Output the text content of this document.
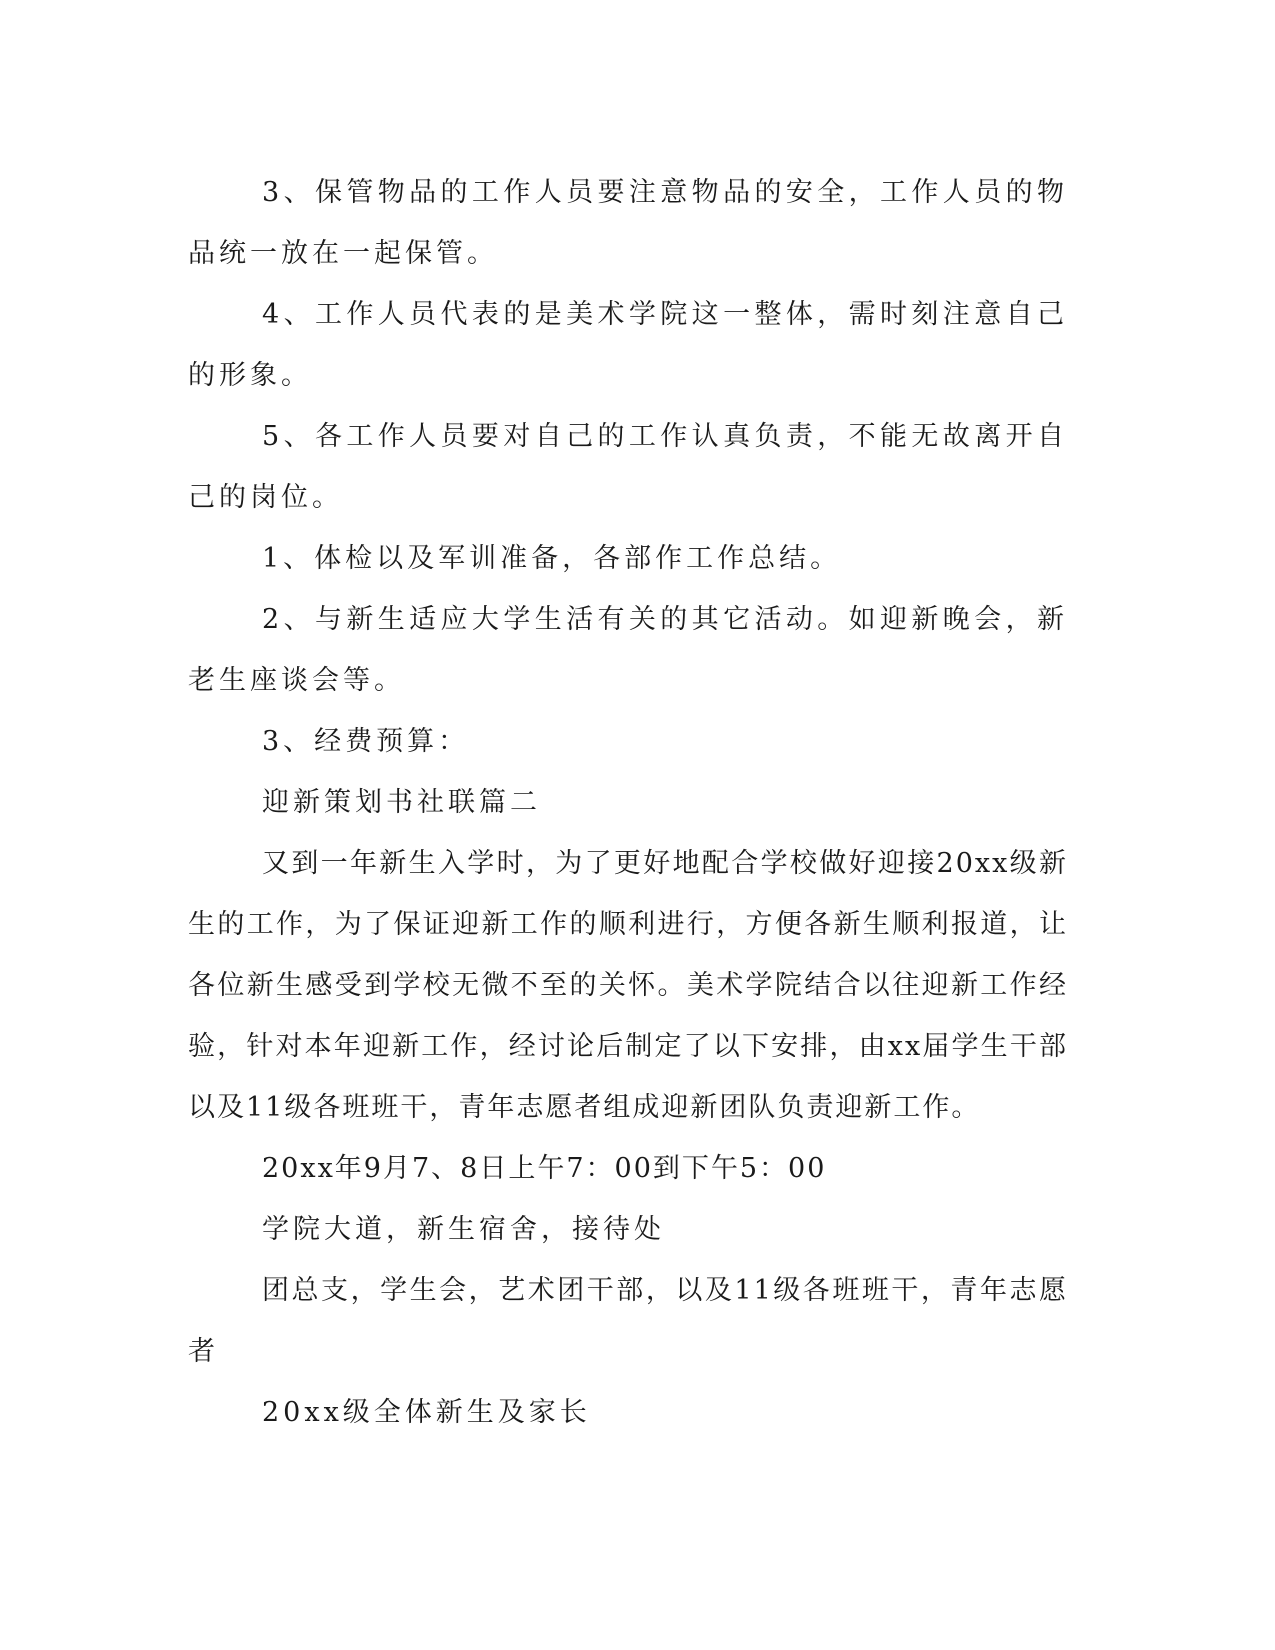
3、保管物品的工作人员要注意物品的安全，工作人员的物品统一放在一起保管。

4、工作人员代表的是美术学院这一整体，需时刻注意自己的形象。

5、各工作人员要对自己的工作认真负责，不能无故离开自己的岗位。

1、体检以及军训准备，各部作工作总结。

2、与新生适应大学生活有关的其它活动。如迎新晚会，新老生座谈会等。

3、经费预算：

迎新策划书社联篇二

又到一年新生入学时，为了更好地配合学校做好迎接20xx级新生的工作，为了保证迎新工作的顺利进行，方便各新生顺利报道，让各位新生感受到学校无微不至的关怀。美术学院结合以往迎新工作经验，针对本年迎新工作，经讨论后制定了以下安排，由xx届学生干部以及11级各班班干，青年志愿者组成迎新团队负责迎新工作。

20xx年9月7、8日上午7：00到下午5：00

学院大道，新生宿舍，接待处

团总支，学生会，艺术团干部，以及11级各班班干，青年志愿者

20xx级全体新生及家长
